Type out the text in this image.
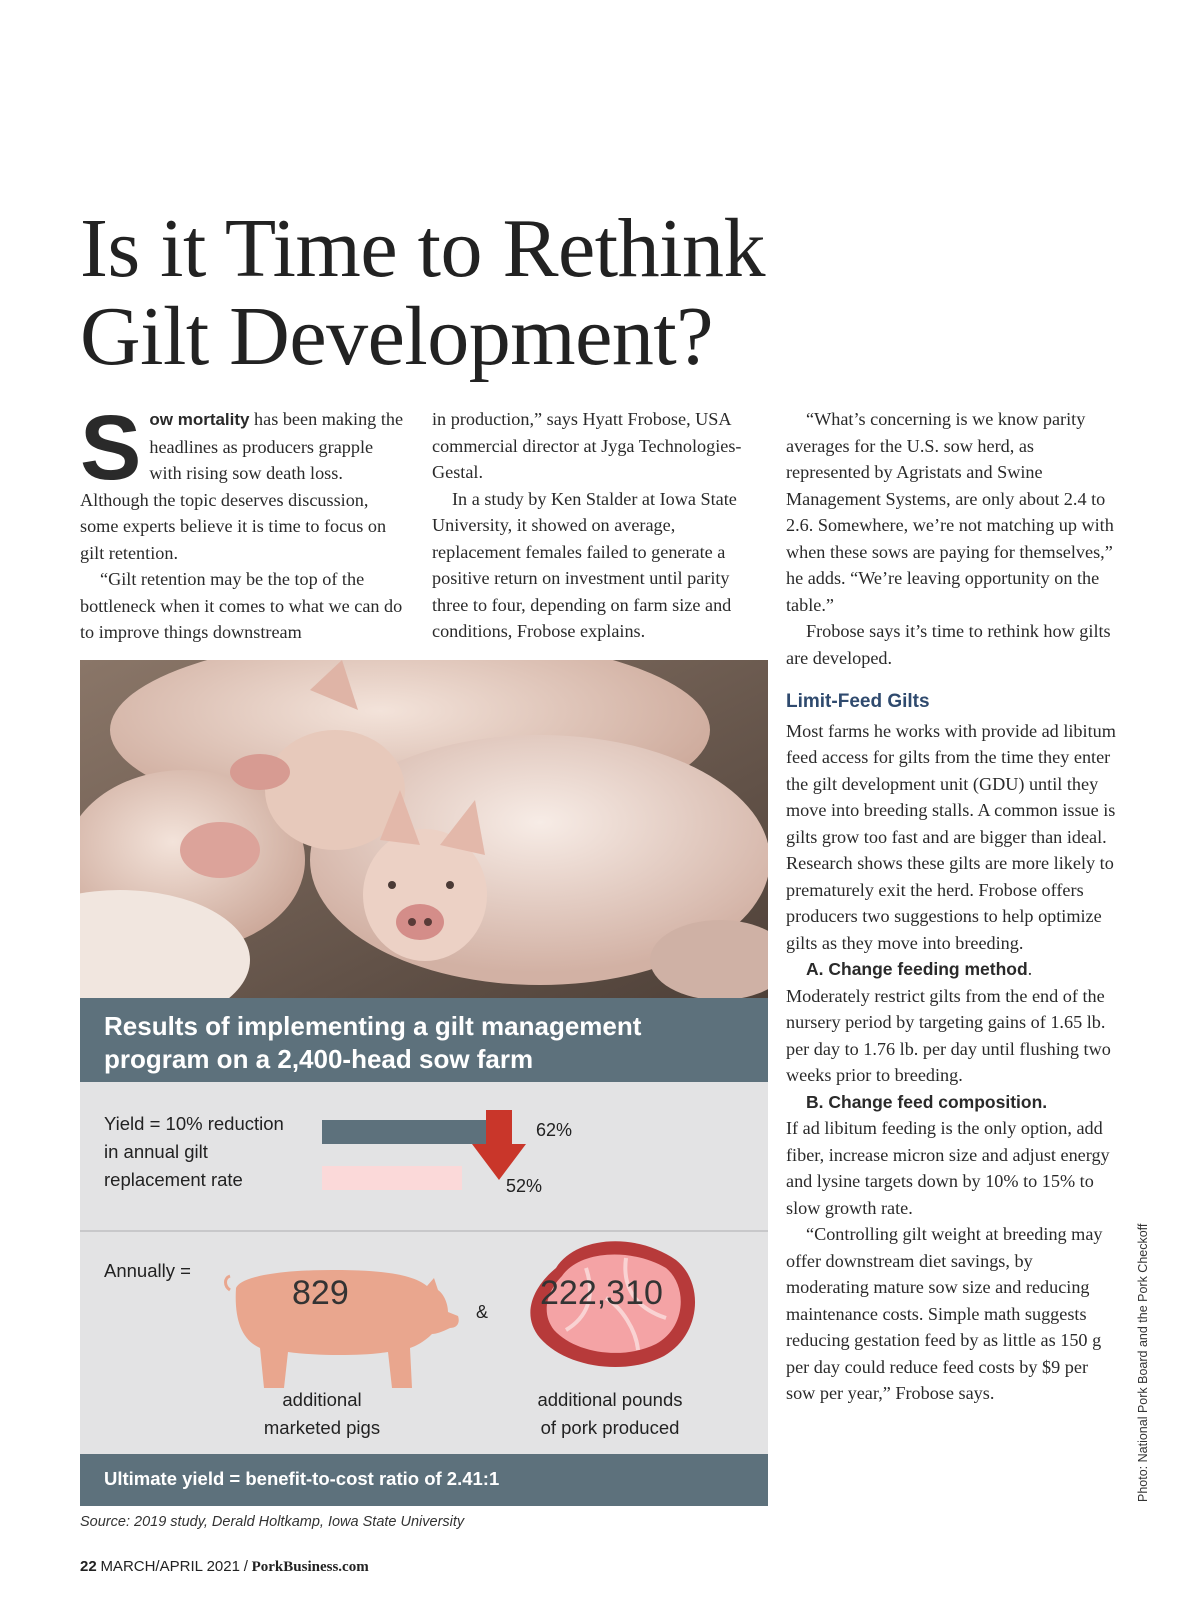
Is it Time to Rethink
Gilt Development?

Sow mortality has been making the headlines as producers grapple with rising sow death loss. Although the topic deserves discussion, some experts believe it is time to focus on gilt retention.

“Gilt retention may be the top of the bottleneck when it comes to what we can do to improve things downstream

in production,” says Hyatt Frobose, USA commercial director at Jyga Technologies-Gestal.

In a study by Ken Stalder at Iowa State University, it showed on average, replacement females failed to generate a positive return on investment until parity three to four, depending on farm size and conditions, Frobose explains.

“What’s concerning is we know parity averages for the U.S. sow herd, as represented by Agristats and Swine Management Systems, are only about 2.4 to 2.6. Somewhere, we’re not matching up with when these sows are paying for themselves,” he adds. “We’re leaving opportunity on the table.”

Frobose says it’s time to rethink how gilts are developed.

Limit-Feed Gilts

Most farms he works with provide ad libitum feed access for gilts from the time they enter the gilt development unit (GDU) until they move into breeding stalls. A common issue is gilts grow too fast and are bigger than ideal. Research shows these gilts are more likely to prematurely exit the herd. Frobose offers producers two suggestions to help optimize gilts as they move into breeding.

A. Change feeding method.

Moderately restrict gilts from the end of the nursery period by targeting gains of 1.65 lb. per day to 1.76 lb. per day until flushing two weeks prior to breeding.

B. Change feed composition.

If ad libitum feeding is the only option, add fiber, increase micron size and adjust energy and lysine targets down by 10% to 15% to slow growth rate.

“Controlling gilt weight at breeding may offer downstream diet savings, by moderating mature sow size and reducing maintenance costs. Simple math suggests reducing gestation feed by as little as 150 g per day could reduce feed costs by $9 per sow per year,” Frobose says.

Results of implementing a gilt management program on a 2,400-head sow farm
Yield = 10% reduction
in annual gilt
replacement rate
62%
52%
Annually =
829
additional
marketed pigs
& 222,310
additional pounds
of pork produced
Ultimate yield = benefit-to-cost ratio of 2.41:1
Source: 2019 study, Derald Holtkamp, Iowa State University
Photo: National Pork Board and the Pork Checkoff
22 MARCH/APRIL 2021 / PorkBusiness.com
